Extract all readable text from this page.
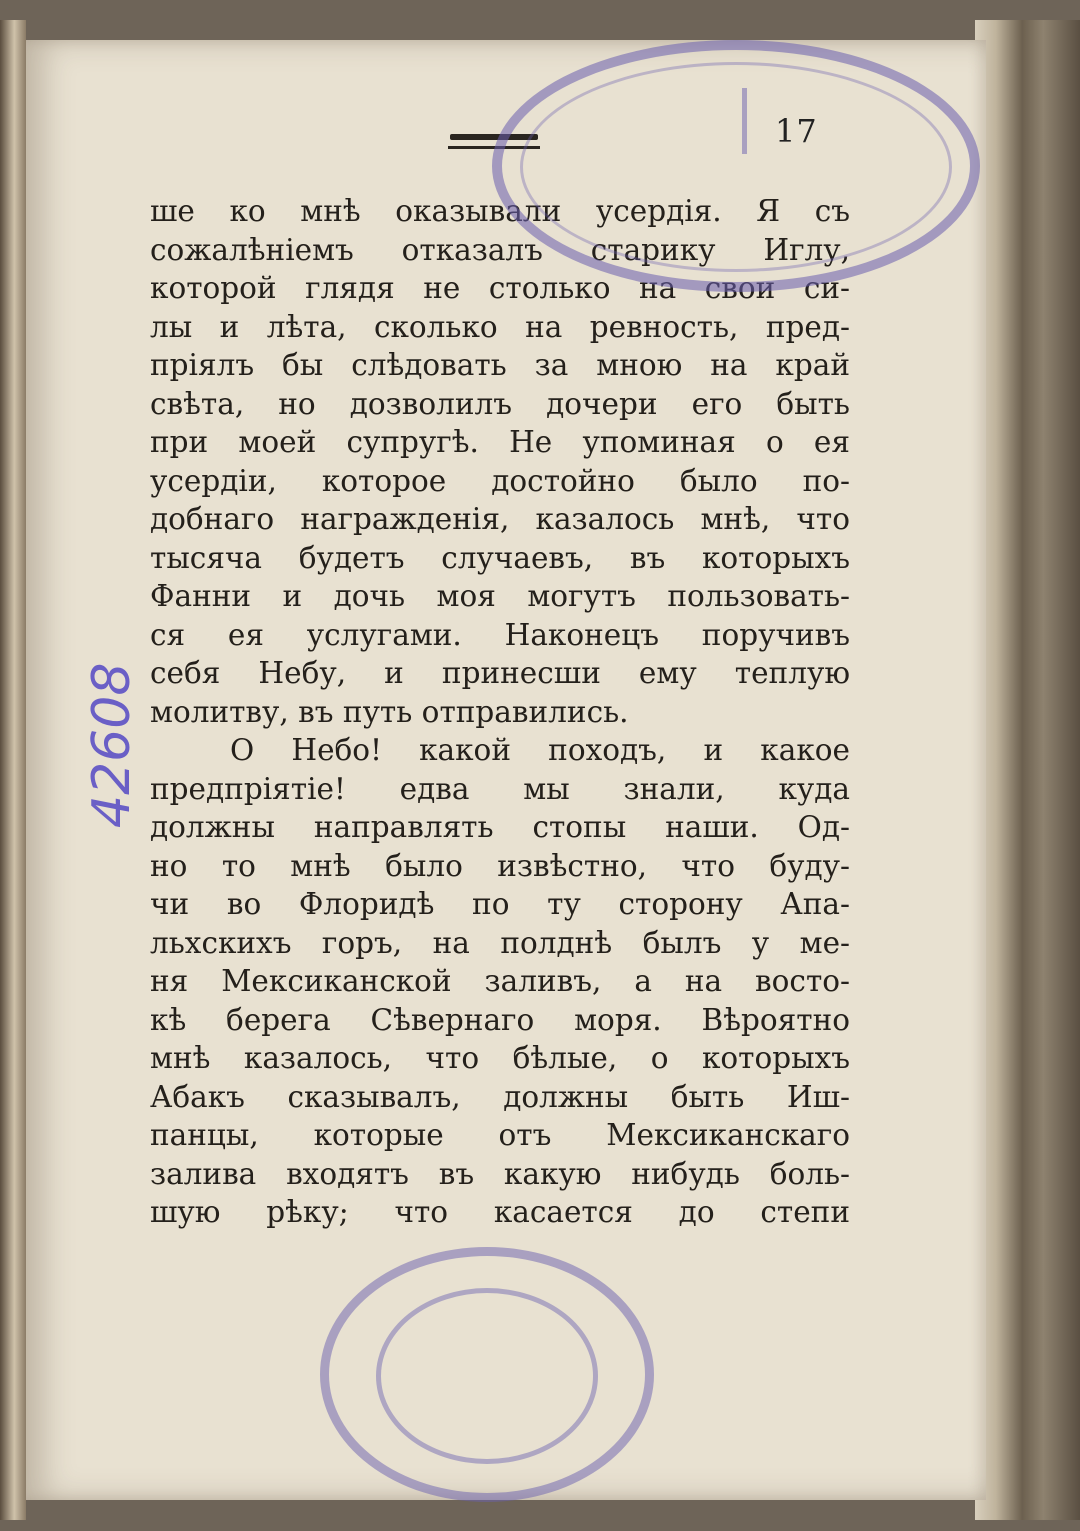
17
ше ко мнѣ оказывали усердія. Я съ
сожалѣніемъ отказалъ старику Иглу,
которой глядя не столько на свои си-
лы и лѣта, сколько на ревность, пред-
пріялъ бы слѣдовать за мною на край
свѣта, но дозволилъ дочери его быть
при моей супругѣ. Не упоминая о ея
усердіи, которое достойно было по-
добнаго награжденія, казалось мнѣ, что
тысяча будетъ случаевъ, въ которыхъ
Фанни и дочь моя могутъ пользовать-
ся ея услугами. Наконецъ поручивъ
себя Небу, и принесши ему теплую
молитву, въ путь отправились.
О Небо! какой походъ, и какое
предпріятіе! едва мы знали, куда
должны направлять стопы наши. Од-
но то мнѣ было извѣстно, что буду-
чи во Флоридѣ по ту сторону Апа-
льхскихъ горъ, на полднѣ былъ у ме-
ня Мексиканской заливъ, а на восто-
кѣ берега Сѣвернаго моря. Вѣроятно
мнѣ казалось, что бѣлые, о которыхъ
Абакъ сказывалъ, должны быть Иш-
панцы, которые отъ Мексиканскаго
залива входятъ въ какую нибудь боль-
шую рѣку; что касается до степи
42608
